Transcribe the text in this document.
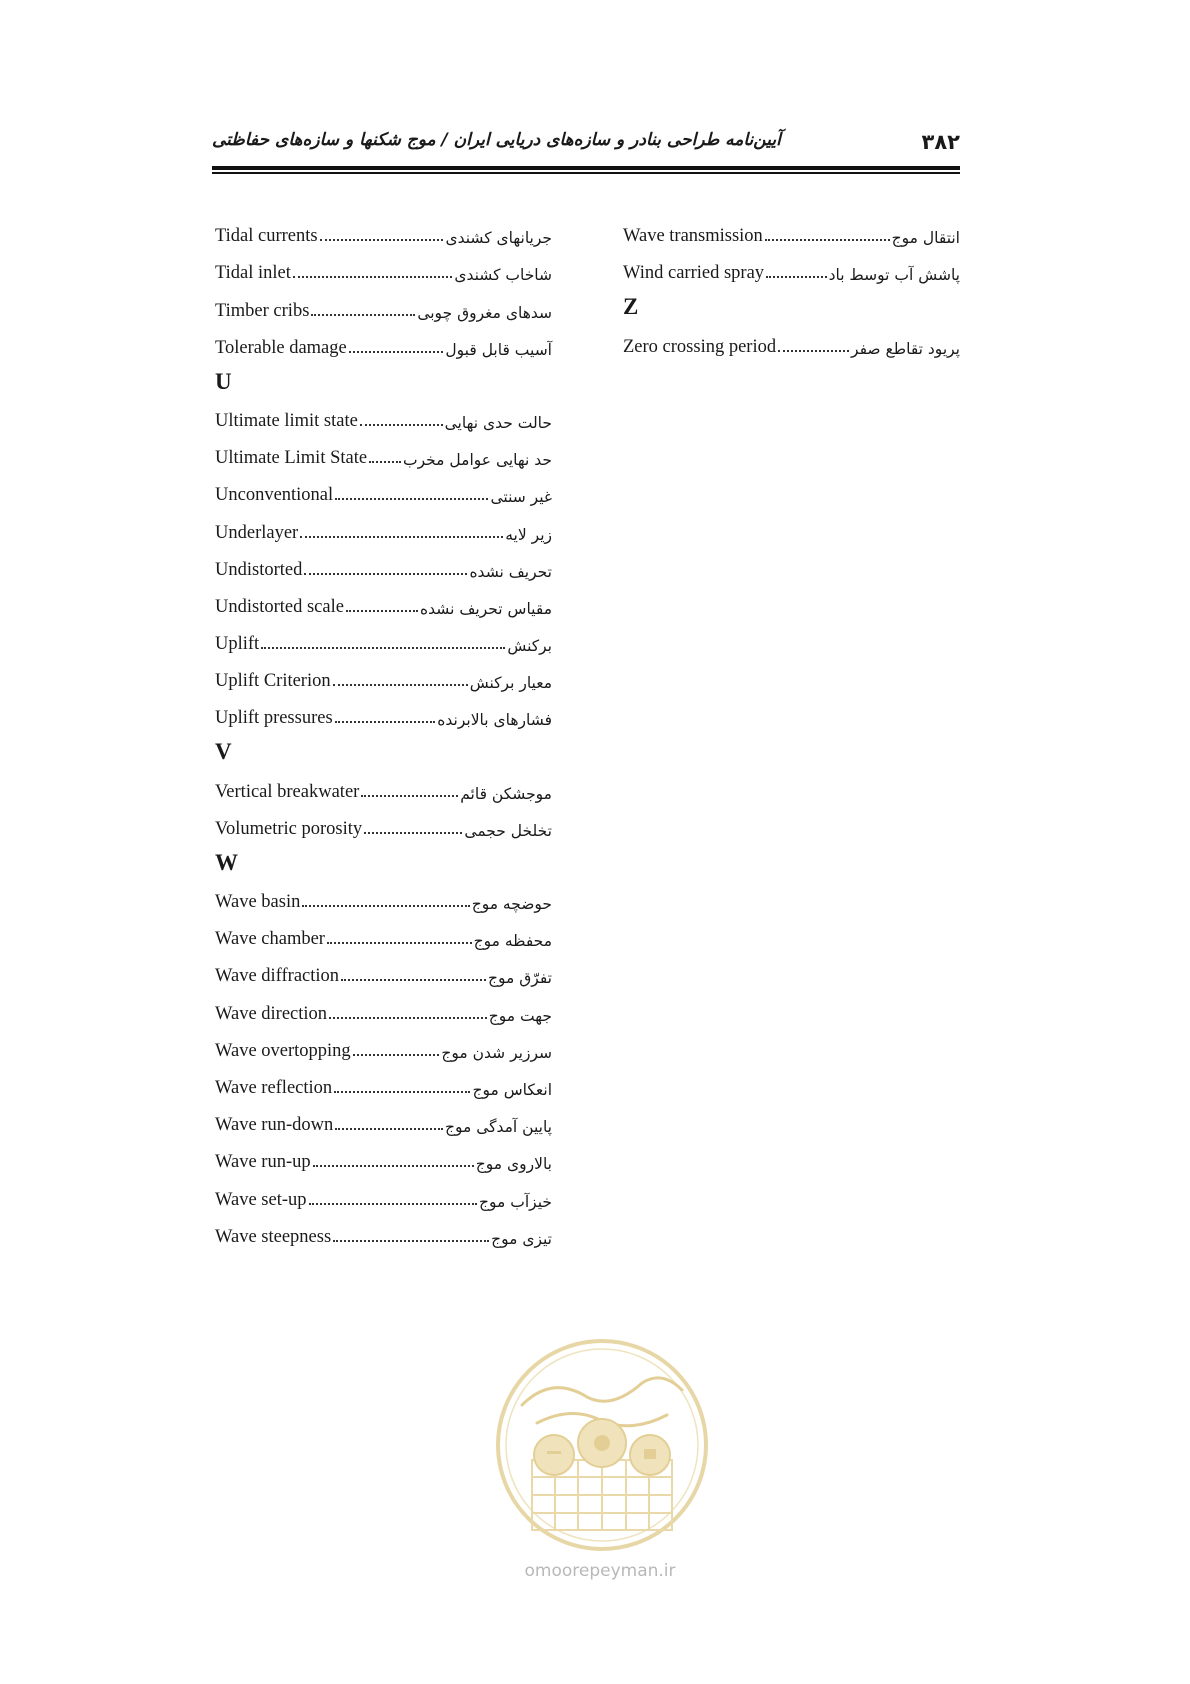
۳۸۲
آیین‌نامه طراحی بنادر و سازه‌های دریایی ایران / موج شکنها و سازه‌های حفاظتی
Tidal currents	جریانهای کشندی
Tidal inlet	شاخاب کشندی
Timber cribs	سدهای مغروق چوبی
Tolerable damage	آسیب قابل قبول
U
Ultimate limit state	حالت حدی نهایی
Ultimate Limit State حد نهایی عوامل مخرب
Unconventional	غیر سنتی
Underlayer	زیر لایه
Undistorted	تحریف نشده
Undistorted scale	مقیاس تحریف نشده
Uplift	برکنش
Uplift Criterion	معیار برکنش
Uplift pressures	فشارهای بالابرنده
V
Vertical breakwater	موجشکن قائم
Volumetric porosity	تخلخل حجمی
W
Wave basin	حوضچه موج
Wave chamber	محفظه موج
Wave diffraction	تفرّق موج
Wave direction	جهت موج
Wave overtopping	سرزیر شدن موج
Wave reflection	انعکاس موج
Wave run-down	پایین آمدگی موج
Wave run-up	بالاروی موج
Wave set-up	خیزآب موج
Wave steepness	تیزی موج
Wave transmission	انتقال موج
Wind carried spray	پاشش آب توسط باد
Z
Zero crossing period	پریود تقاطع صفر
omoorepeyman.ir
